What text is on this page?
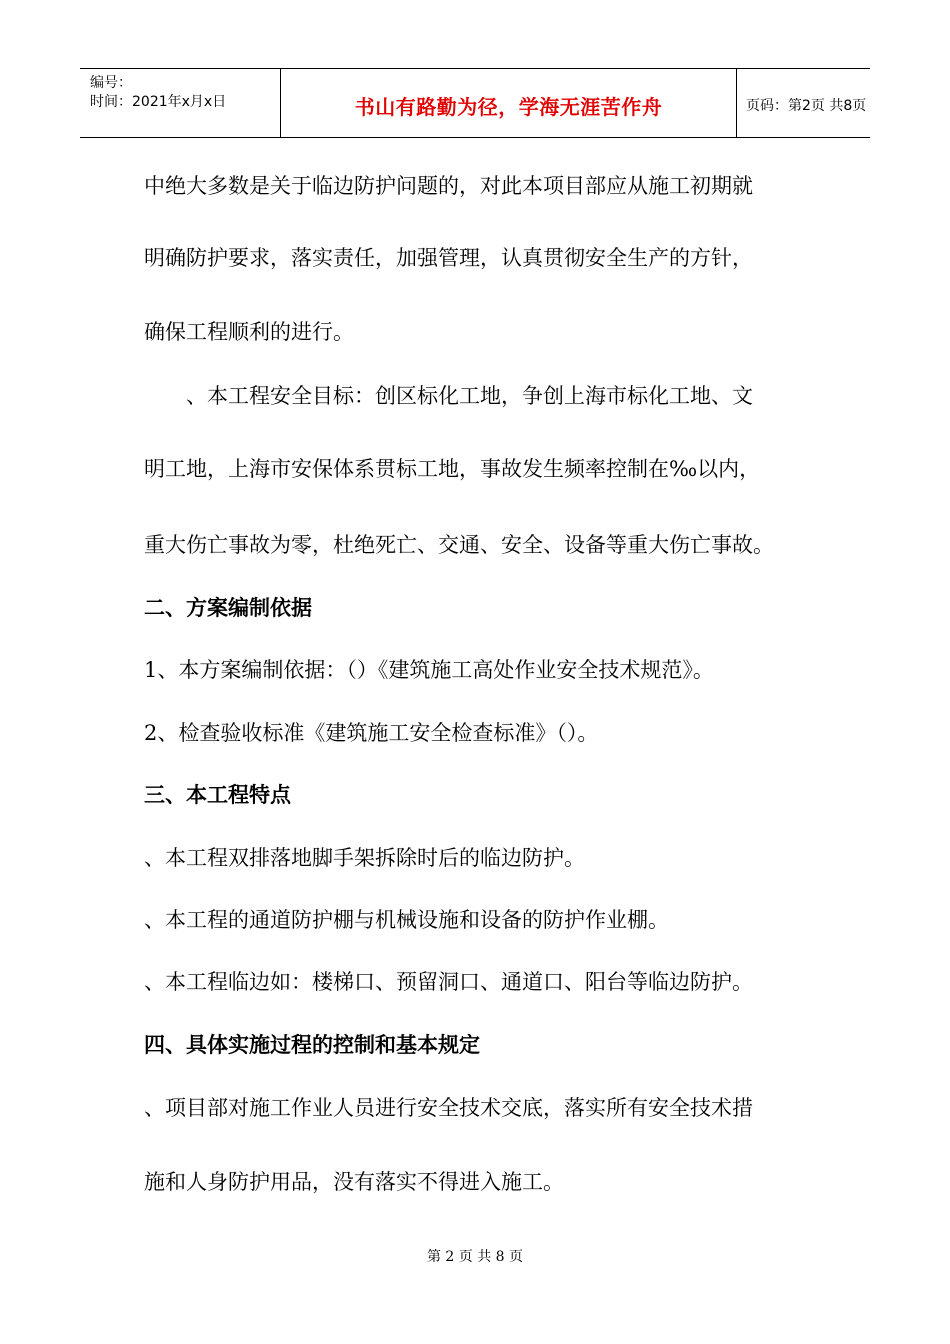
编号：
时间：2021年x月x日	书山有路勤为径，学海无涯苦作舟	页码：第2页 共8页
中绝大多数是关于临边防护问题的，对此本项目部应从施工初期就
明确防护要求，落实责任，加强管理，认真贯彻安全生产的方针，
确保工程顺利的进行。
、本工程安全目标：创区标化工地，争创上海市标化工地、文
明工地，上海市安保体系贯标工地，事故发生频率控制在‰以内，
重大伤亡事故为零，杜绝死亡、交通、安全、设备等重大伤亡事故。
二、方案编制依据
1、本方案编制依据：（）《建筑施工高处作业安全技术规范》。
2、检查验收标准《建筑施工安全检查标准》（）。
三、本工程特点
、本工程双排落地脚手架拆除时后的临边防护。
、本工程的通道防护棚与机械设施和设备的防护作业棚。
、本工程临边如：楼梯口、预留洞口、通道口、阳台等临边防护。
四、具体实施过程的控制和基本规定
、项目部对施工作业人员进行安全技术交底，落实所有安全技术措
施和人身防护用品，没有落实不得进入施工。
第 2 页 共 8 页
